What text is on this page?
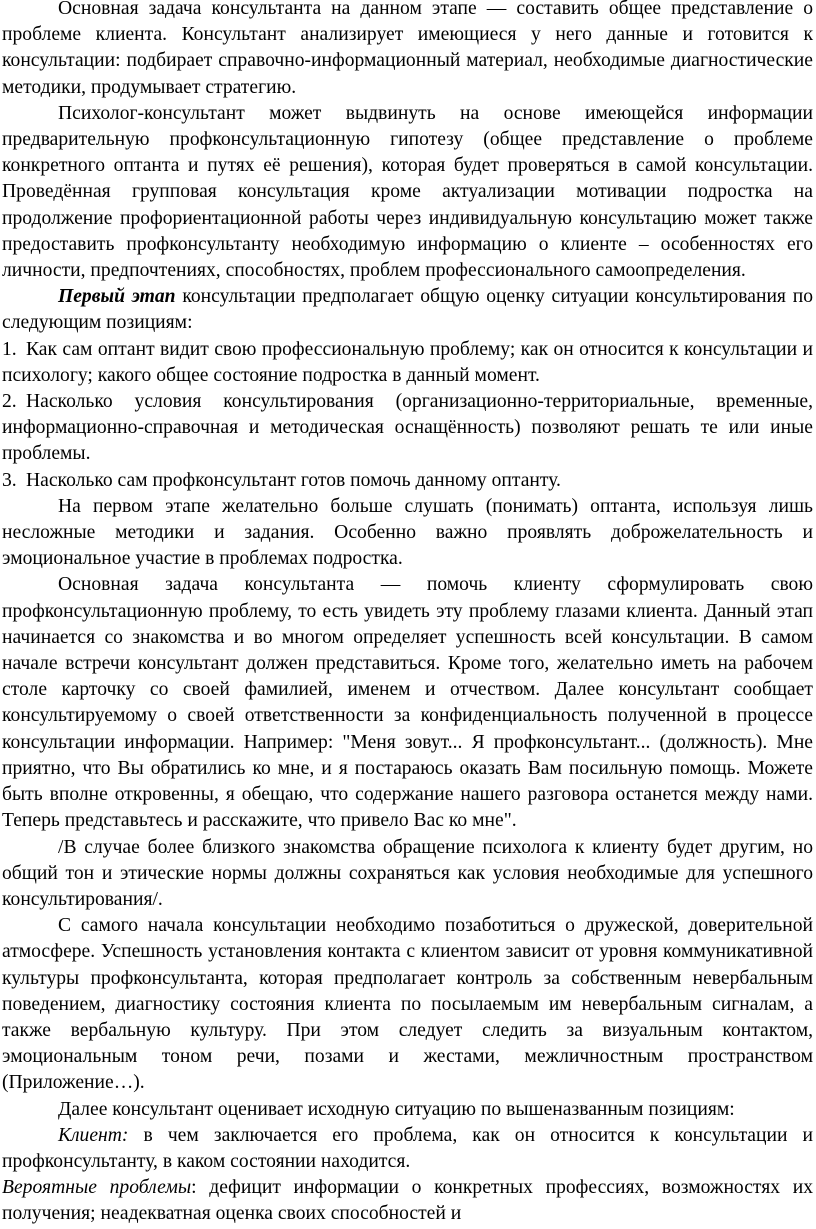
Основная задача консультанта на данном этапе — составить общее представление о проблеме клиента. Консультант анализирует имеющиеся у него данные и готовится к консультации: подбирает справочно-информационный материал, необходимые диагностические методики, продумывает стратегию.

Психолог-консультант может выдвинуть на основе имеющейся информации предварительную профконсультационную гипотезу (общее представление о проблеме конкретного оптанта и путях её решения), которая будет проверяться в самой консультации. Проведённая групповая консультация кроме актуализации мотивации подростка на продолжение профориентационной работы через индивидуальную консультацию может также предоставить профконсультанту необходимую информацию о клиенте – особенностях его личности, предпочтениях, способностях, проблем профессионального самоопределения.

Первый этап консультации предполагает общую оценку ситуации консультирования по следующим позициям:

1. Как сам оптант видит свою профессиональную проблему; как он относится к консультации и психологу; какого общее состояние подростка в данный момент.

2. Насколько условия консультирования (организационно-территориальные, временные, информационно-справочная и методическая оснащённость) позволяют решать те или иные проблемы.

3. Насколько сам профконсультант готов помочь данному оптанту.

На первом этапе желательно больше слушать (понимать) оптанта, используя лишь несложные методики и задания. Особенно важно проявлять доброжелательность и эмоциональное участие в проблемах подростка.

Основная задача консультанта — помочь клиенту сформулировать свою профконсультационную проблему, то есть увидеть эту проблему глазами клиента. Данный этап начинается со знакомства и во многом определяет успешность всей консультации. В самом начале встречи консультант должен представиться. Кроме того, желательно иметь на рабочем столе карточку со своей фамилией, именем и отчеством. Далее консультант сообщает консультируемому о своей ответственности за конфиденциальность полученной в процессе консультации информации. Например: "Меня зовут... Я профконсультант... (должность). Мне приятно, что Вы обратились ко мне, и я постараюсь оказать Вам посильную помощь. Можете быть вполне откровенны, я обещаю, что содержание нашего разговора останется между нами. Теперь представьтесь и расскажите, что привело Вас ко мне".

/В случае более близкого знакомства обращение психолога к клиенту будет другим, но общий тон и этические нормы должны сохраняться как условия необходимые для успешного консультирования/.

С самого начала консультации необходимо позаботиться о дружеской, доверительной атмосфере. Успешность установления контакта с клиентом зависит от уровня коммуникативной культуры профконсультанта, которая предполагает контроль за собственным невербальным поведением, диагностику состояния клиента по посылаемым им невербальным сигналам, а также вербальную культуру. При этом следует следить за визуальным контактом, эмоциональным тоном речи, позами и жестами, межличностным пространством (Приложение…).

Далее консультант оценивает исходную ситуацию по вышеназванным позициям:

Клиент: в чем заключается его проблема, как он относится к консультации и профконсультанту, в каком состоянии находится.

Вероятные проблемы: дефицит информации о конкретных профессиях, возможностях их получения; неадекватная оценка своих способностей и
